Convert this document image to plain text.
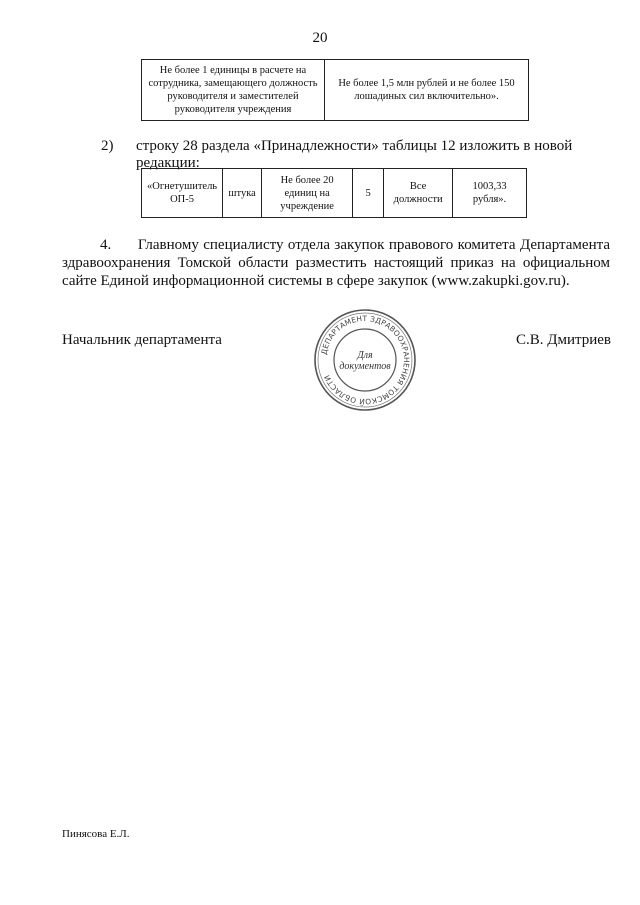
20
Не более 1 единицы в расчете на сотрудника, замещающего должность руководителя и заместителей руководителя учреждения	Не более 1,5 млн рублей и не более 150 лошадиных сил включительно».
2) строку 28 раздела «Принадлежности» таблицы 12 изложить в новой редакции:
«Огнетушитель ОП-5	штука	Не более 20 единиц на учреждение	5	Все должности	1003,33 рубля».
4.      Главному специалисту отдела закупок правового комитета Департамента здравоохранения Томской области разместить настоящий приказ на официальном сайте Единой информационной системы в сфере закупок (www.zakupki.gov.ru).
Начальник департамента	С.В. Дмитриев
ДЕПАРТАМЕНТ ЗДРАВООХРАНЕНИЯ ТОМСКОЙ ОБЛАСТИ
Для
документов
Пинясова Е.Л.
